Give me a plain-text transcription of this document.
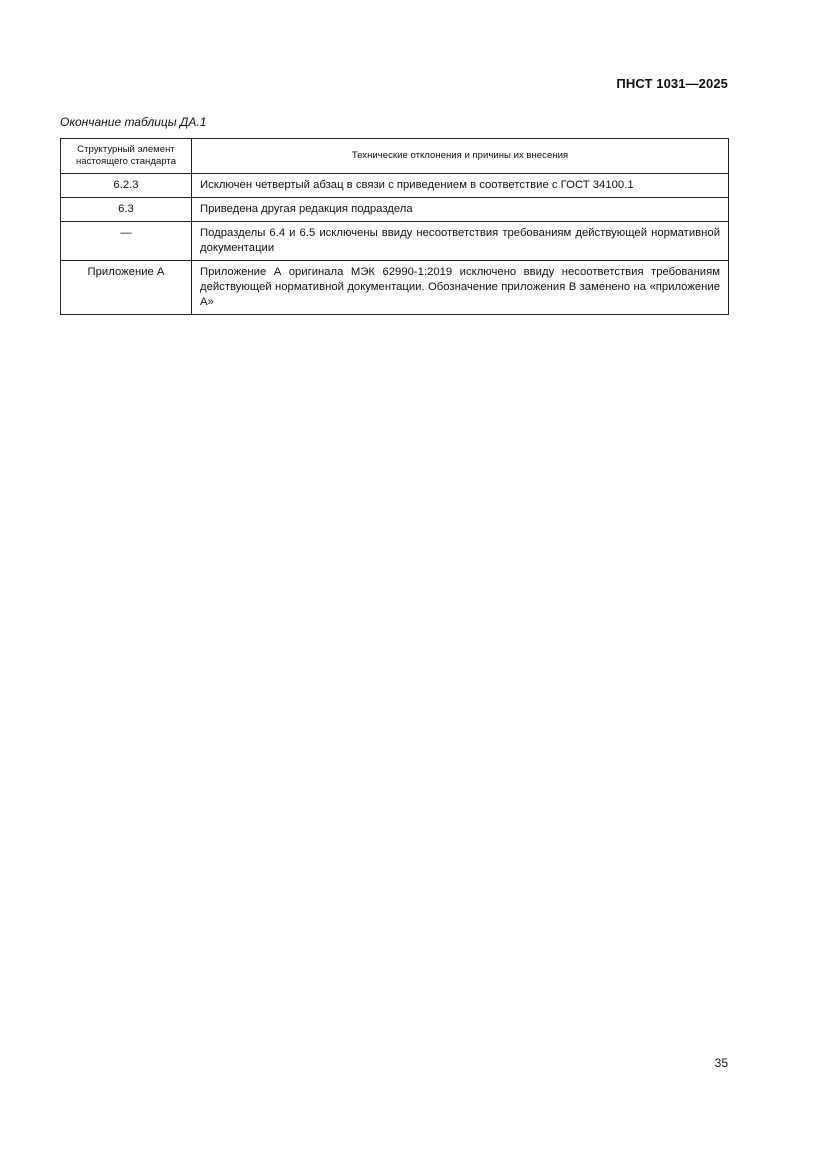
ПНСТ 1031—2025
Окончание таблицы ДА.1
Структурный элемент настоящего стандарта	Технические отклонения и причины их внесения
6.2.3	Исключен четвертый абзац в связи с приведением в соответствие с ГОСТ 34100.1
6.3	Приведена другая редакция подраздела
—	Подразделы 6.4 и 6.5 исключены ввиду несоответствия требованиям действующей нормативной документации
Приложение А	Приложение А оригинала МЭК 62990-1:2019 исключено ввиду несоответствия требованиям действующей нормативной документации. Обозначение приложения В заменено на «приложение А»
35
